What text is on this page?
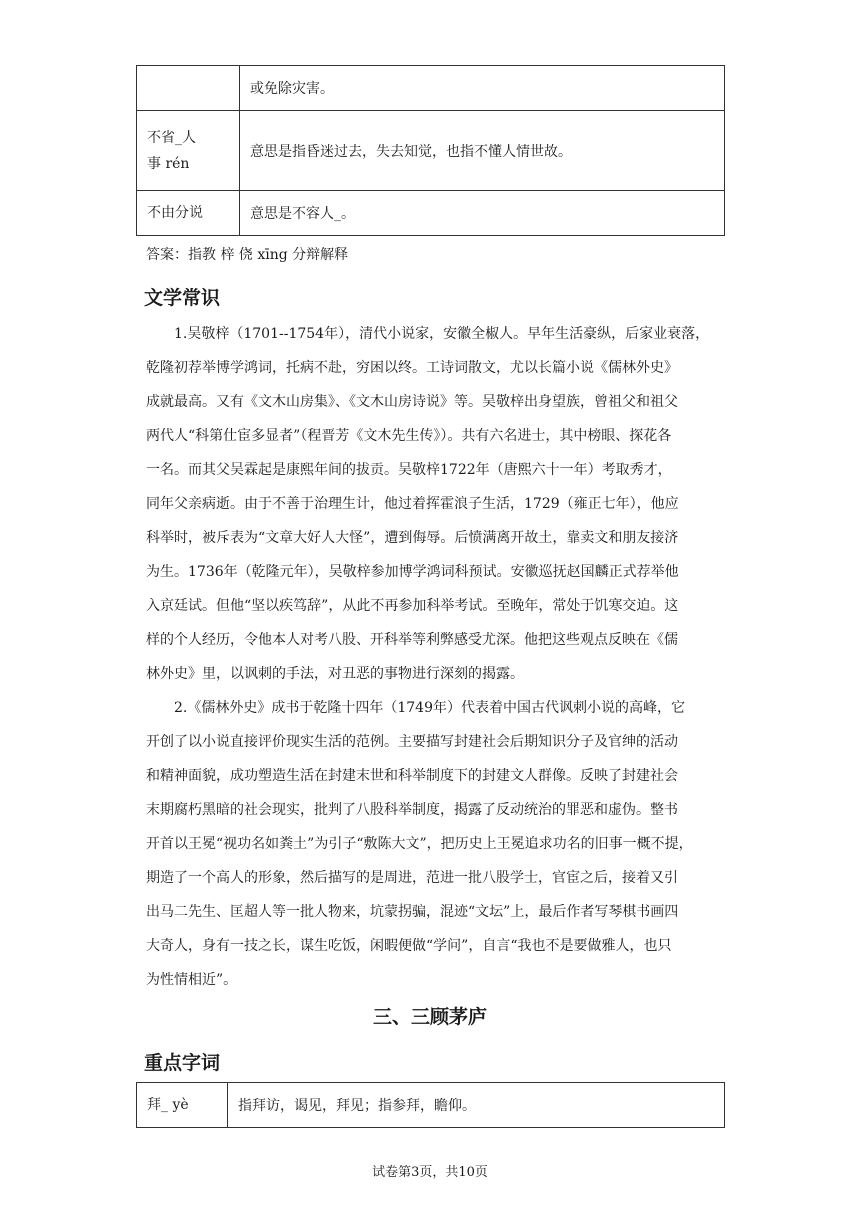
	或免除灾害。

不省_人
事 rén	意思是指昏迷过去，失去知觉，也指不懂人情世故。
不由分说	意思是不容人_。
答案：指教 梓 侥 xīng 分辩解释
文学常识
1.吴敬梓（1701--1754年），清代小说家，安徽全椒人。早年生活豪纵，后家业衰落，
乾隆初荐举博学鸿词，托病不赴，穷困以终。工诗词散文，尤以长篇小说《儒林外史》
成就最高。又有《文木山房集》、《文木山房诗说》等。吴敬梓出身望族，曾祖父和祖父
两代人“科第仕宦多显者”（程晋芳《文木先生传》）。共有六名进士，其中榜眼、探花各
一名。而其父吴霖起是康熙年间的拔贡。吴敬梓1722年（唐熙六十一年）考取秀才，
同年父亲病逝。由于不善于治理生计，他过着挥霍浪子生活，1729（雍正七年），他应
科举时，被斥表为“文章大好人大怪”，遭到侮辱。后愤满离开故土，靠卖文和朋友接济
为生。1736年（乾隆元年），吴敬梓参加博学鸿词科预试。安徽巡抚赵国麟正式荐举他
入京廷试。但他“坚以疾笃辞”，从此不再参加科举考试。至晚年，常处于饥寒交迫。这
样的个人经历，令他本人对考八股、开科举等利弊感受尤深。他把这些观点反映在《儒
林外史》里，以讽刺的手法，对丑恶的事物进行深刻的揭露。
2.《儒林外史》成书于乾隆十四年（1749年）代表着中国古代讽刺小说的高峰，它
开创了以小说直接评价现实生活的范例。主要描写封建社会后期知识分子及官绅的活动
和精神面貌，成功塑造生活在封建末世和科举制度下的封建文人群像。反映了封建社会
末期腐朽黑暗的社会现实，批判了八股科举制度，揭露了反动统治的罪恶和虚伪。整书
开首以王冕“视功名如粪土”为引子“敷陈大文”，把历史上王冕追求功名的旧事一概不提，
期造了一个高人的形象，然后描写的是周进，范进一批八股学士，官宦之后，接着又引
出马二先生、匡超人等一批人物来，坑蒙拐骗，混迹“文坛”上，最后作者写琴棋书画四
大奇人，身有一技之长，谋生吃饭，闲暇便做“学问”，自言“我也不是要做雅人，也只
为性情相近”。
三、三顾茅庐
重点字词
拜_ yè	指拜访，谒见，拜见；指参拜，瞻仰。
试卷第3页，共10页
